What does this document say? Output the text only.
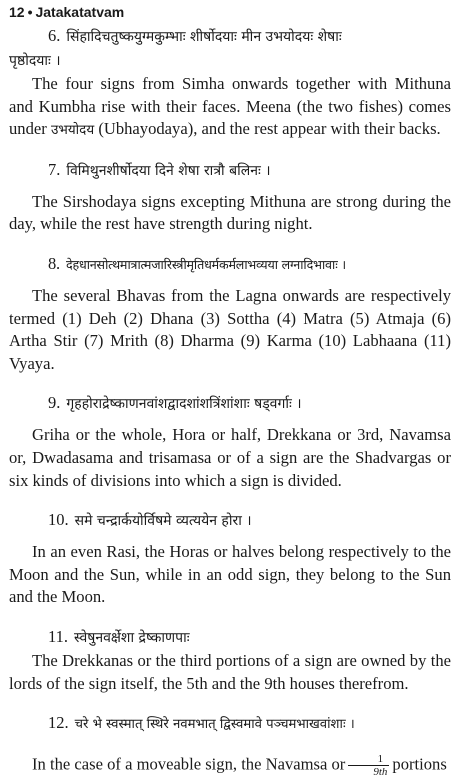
12 • Jatakatatvam

6. सिंहादिचतुष्कयुग्मकुम्भाः शीर्षोदयाः मीन उभयोदयः शेषाः

पृष्ठोदयाः ।

The four signs from Simha onwards together with Mithuna and Kumbha rise with their faces. Meena (the two fishes) comes under उभयोदय (Ubhayodaya), and the rest appear with their backs.

7. विमिथुनशीर्षोदया दिने शेषा रात्रौ बलिनः ।

The Sirshodaya signs excepting Mithuna are strong during the day, while the rest have strength during night.

8. देहधानसोत्थमात्रात्मजारिस्त्रीमृतिधर्मकर्मलाभव्यया लग्नादिभावाः ।

The several Bhavas from the Lagna onwards are respectively termed (1) Deh (2) Dhana (3) Sottha (4) Matra (5) Atmaja (6) Artha Stir (7) Mrith (8) Dharma (9) Karma (10) Labhaana (11) Vyaya.

9. गृहहोराद्रेष्काणनवांशद्वादशांशत्रिंशांशाः षड्वर्गाः ।

Griha or the whole, Hora or half, Drekkana or 3rd, Navamsa or, Dwadasama and trisamasa or of a sign are the Shadvargas or six kinds of divisions into which a sign is divided.

10. समे चन्द्रार्कयोर्विषमे व्यत्ययेन होरा ।

In an even Rasi, the Horas or halves belong respectively to the Moon and the Sun, while in an odd sign, they belong to the Sun and the Moon.

11. स्वेषुनवर्क्षेशा द्रेष्काणपाः

The Drekkanas or the third portions of a sign are owned by the lords of the sign itself, the 5th and the 9th houses therefrom.

12. चरे भे स्वस्मात् स्थिरे नवमभात् द्विस्वमावे पञ्चमभाखवांशाः ।

In the case of a moveable sign, the Navamsa or $\frac{1}{9th}$ portions
